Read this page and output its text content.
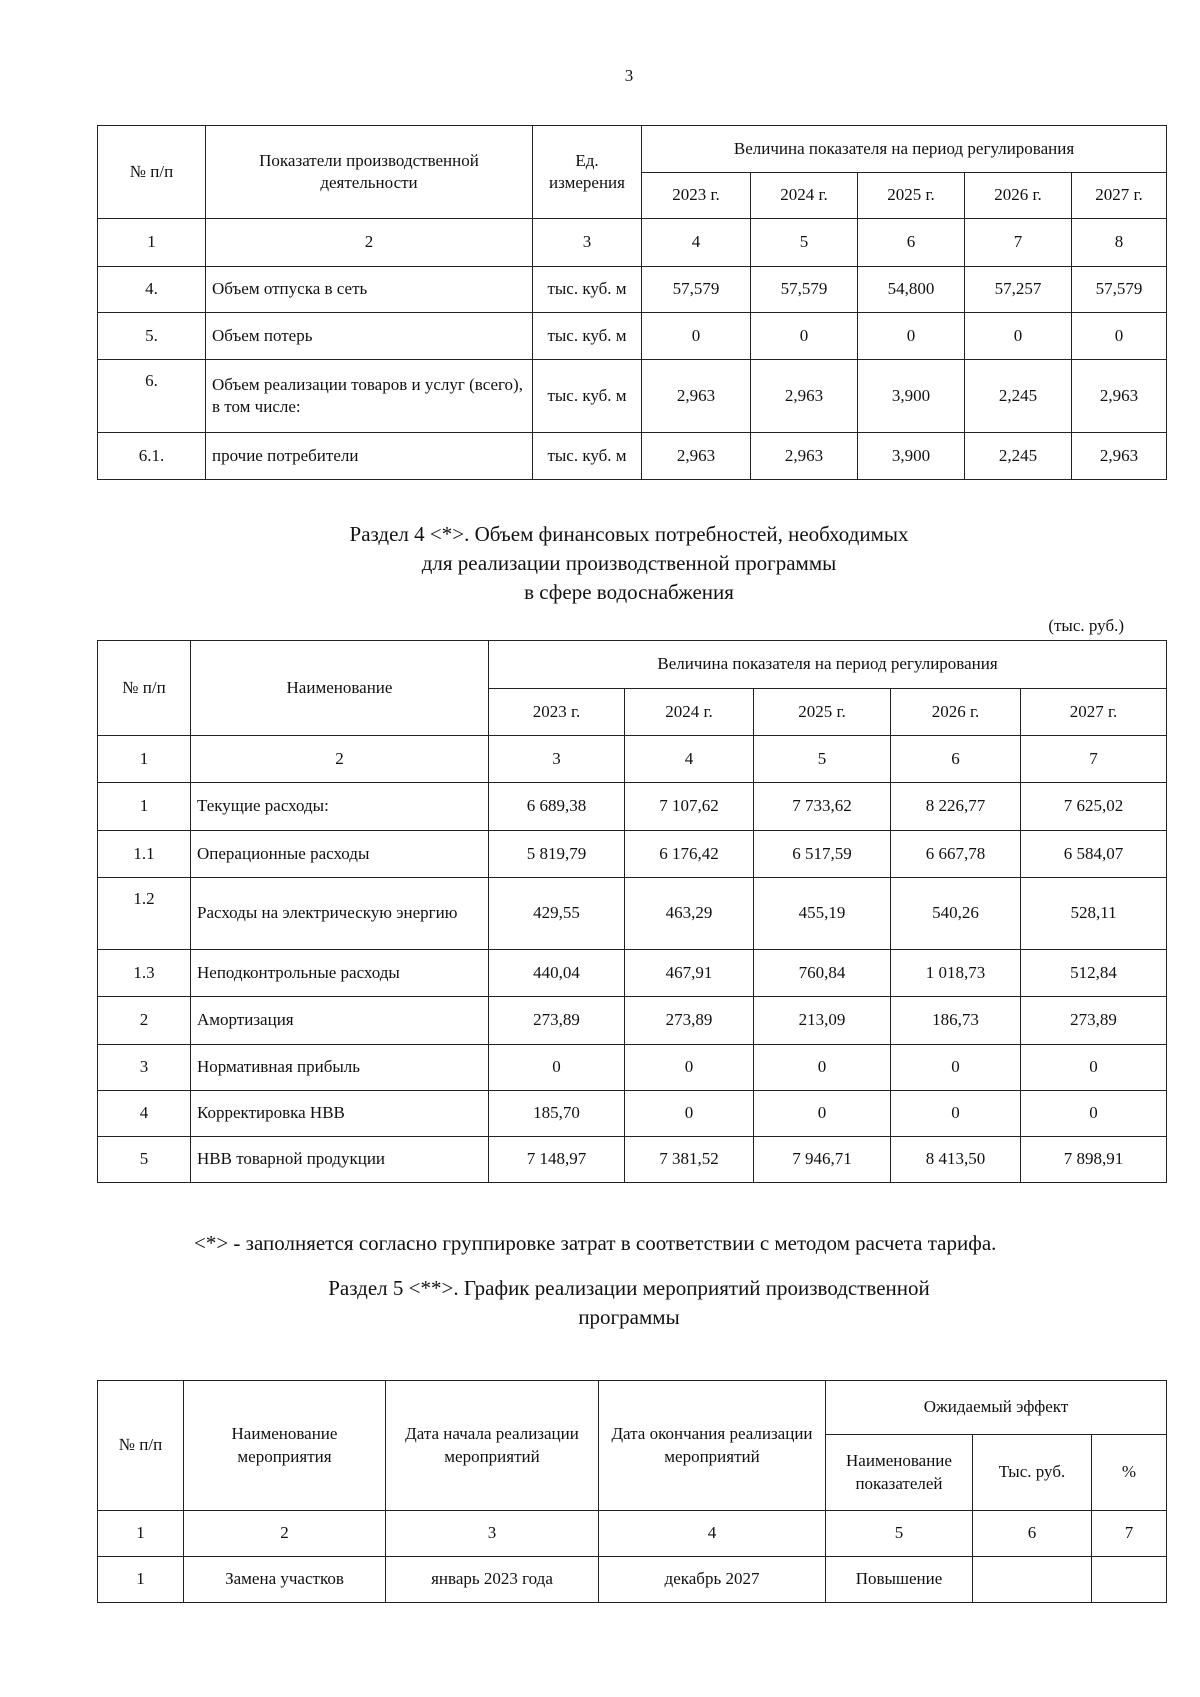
3
№ п/п	Показатели производственной деятельности	Ед. измерения	Величина показателя на период регулирования				
			2023 г.	2024 г.	2025 г.	2026 г.	2027 г.
1	2	3	4	5	6	7	8
4.	Объем отпуска в сеть	тыс. куб. м	57,579	57,579	54,800	57,257	57,579
5.	Объем потерь	тыс. куб. м	0	0	0	0	0
6.	Объем реализации товаров и услуг (всего), в том числе:	тыс. куб. м	2,963	2,963	3,900	2,245	2,963
6.1.	прочие потребители	тыс. куб. м	2,963	2,963	3,900	2,245	2,963
Раздел 4 <*>. Объем финансовых потребностей, необходимых
для реализации производственной программы
в сфере водоснабжения
(тыс. руб.)
№ п/п	Наименование	Величина показателя на период регулирования				
		2023 г.	2024 г.	2025 г.	2026 г.	2027 г.
1	2	3	4	5	6	7
1	Текущие расходы:	6 689,38	7 107,62	7 733,62	8 226,77	7 625,02
1.1	Операционные расходы	5 819,79	6 176,42	6 517,59	6 667,78	6 584,07
1.2	Расходы на электрическую энергию	429,55	463,29	455,19	540,26	528,11
1.3	Неподконтрольные расходы	440,04	467,91	760,84	1 018,73	512,84
2	Амортизация	273,89	273,89	213,09	186,73	273,89
3	Нормативная прибыль	0	0	0	0	0
4	Корректировка НВВ	185,70	0	0	0	0
5	НВВ товарной продукции	7 148,97	7 381,52	7 946,71	8 413,50	7 898,91
<*> - заполняется согласно группировке затрат в соответствии с методом расчета тарифа.
Раздел 5 <**>. График реализации мероприятий производственной
программы
№ п/п	Наименование мероприятия	Дата начала реализации мероприятий	Дата окончания реализации мероприятий	Ожидаемый эффект		
				Наименование показателей	Тыс. руб.	%
1	2	3	4	5	6	7
1	Замена участков	январь 2023 года	декабрь 2027	Повышение		
